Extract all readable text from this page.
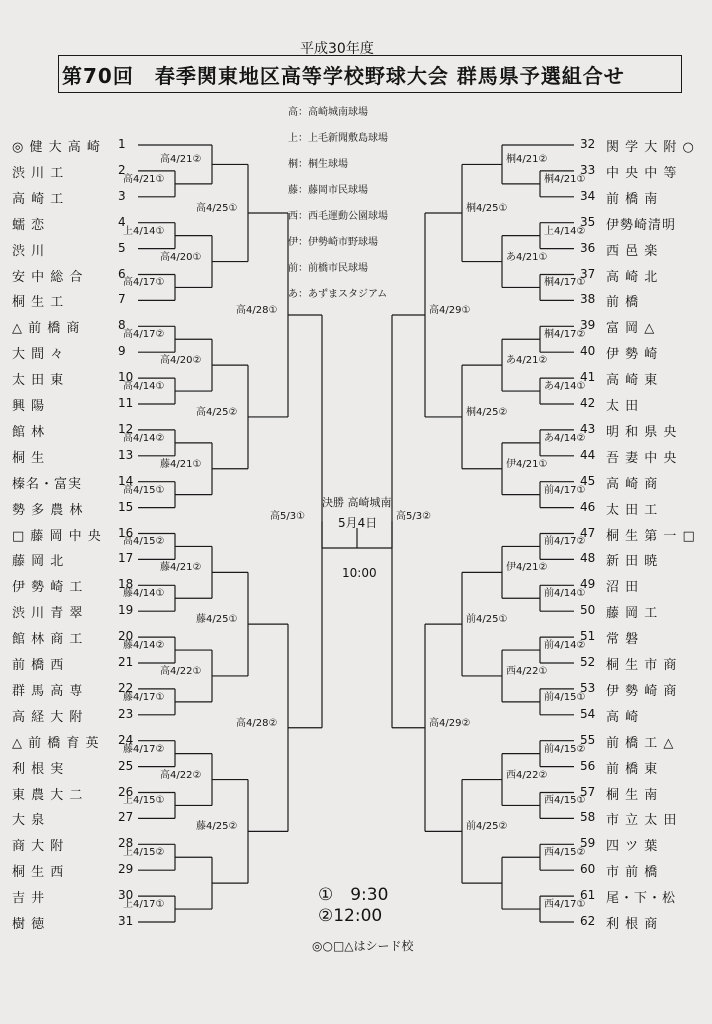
平成30年度
第70回　春季関東地区高等学校野球大会 群馬県予選組合せ
高：高崎城南球場
上：上毛新聞敷島球場
桐：桐生球場
藤：藤岡市民球場
西：西毛運動公園球場
伊：伊勢崎市野球場
前：前橋市民球場
あ：あずまスタジアム
◎ 健 大 高 崎 1
渋 川 工	2
高 崎 工	3
蠕 恋	4
渋 川	5
安 中 総 合	6
桐 生 工	7
△ 前 橋 商	8
大 間 々	9
太 田 東	10
興 陽	11
館 林	12
桐 生	13
榛名・富実	14
勢 多 農 林	15
□ 藤 岡 中 央 16
藤 岡 北	17
伊 勢 崎 工	18
渋 川 青 翠	19
館 林 商 工	20
前 橋 西	21
群 馬 高 専	22
高 経 大 附	23
△ 前 橋 育 英 24
利 根 実	25
東 農 大 二	26
大 泉	27
商 大 附	28
桐 生 西	29
吉 井	30
樹 徳	31
32 関 学 大 附 ○
33 中 央 中 等
34 前 橋 南
35 伊勢崎清明
36 西 邑 楽
37 高 崎 北
38 前 橋
39 富 岡 △
40 伊 勢 崎
41 高 崎 東
42 太 田
43 明 和 県 央
44 吾 妻 中 央
45 高 崎 商
46 太 田 工
47 桐 生 第 一 □
48 新 田 暁
49 沼 田
50 藤 岡 工
51 常 磐
52 桐 生 市 商
53 伊 勢 崎 商
54 高 崎
55 前 橋 工 △
56 前 橋 東
57 桐 生 南
58 市 立 太 田
59 四 ツ 葉
60 市 前 橋
61 尾・下・松
62 利 根 商
高4/21①
高4/21②
上4/14①
高4/17①
高4/20①
高4/25①
高4/17②
高4/14①
高4/20②
高4/14②
高4/15①
藤4/21①
高4/25②
高4/28①
高4/15②
藤4/14①
藤4/21②
藤4/14②
藤4/17①
高4/22①
藤4/25①
藤4/17②
上4/15①
高4/22②
上4/15②
上4/17①
藤4/25②
高4/28②
高5/3①
桐4/21①
桐4/21②
上4/14②
桐4/17①
あ4/21①
桐4/25①
桐4/17②
あ4/14①
あ4/21②
あ4/14②
前4/17①
伊4/21①
桐4/25②
高4/29①
前4/17②
前4/14①
伊4/21②
前4/14②
前4/15①
西4/22①
前4/25①
前4/15②
西4/15①
西4/22②
西4/15②
西4/17①
前4/25②
高4/29②
高5/3②
決勝 高崎城南
5月4日
10:00
①　9:30
②12:00
◎○□△はシード校
